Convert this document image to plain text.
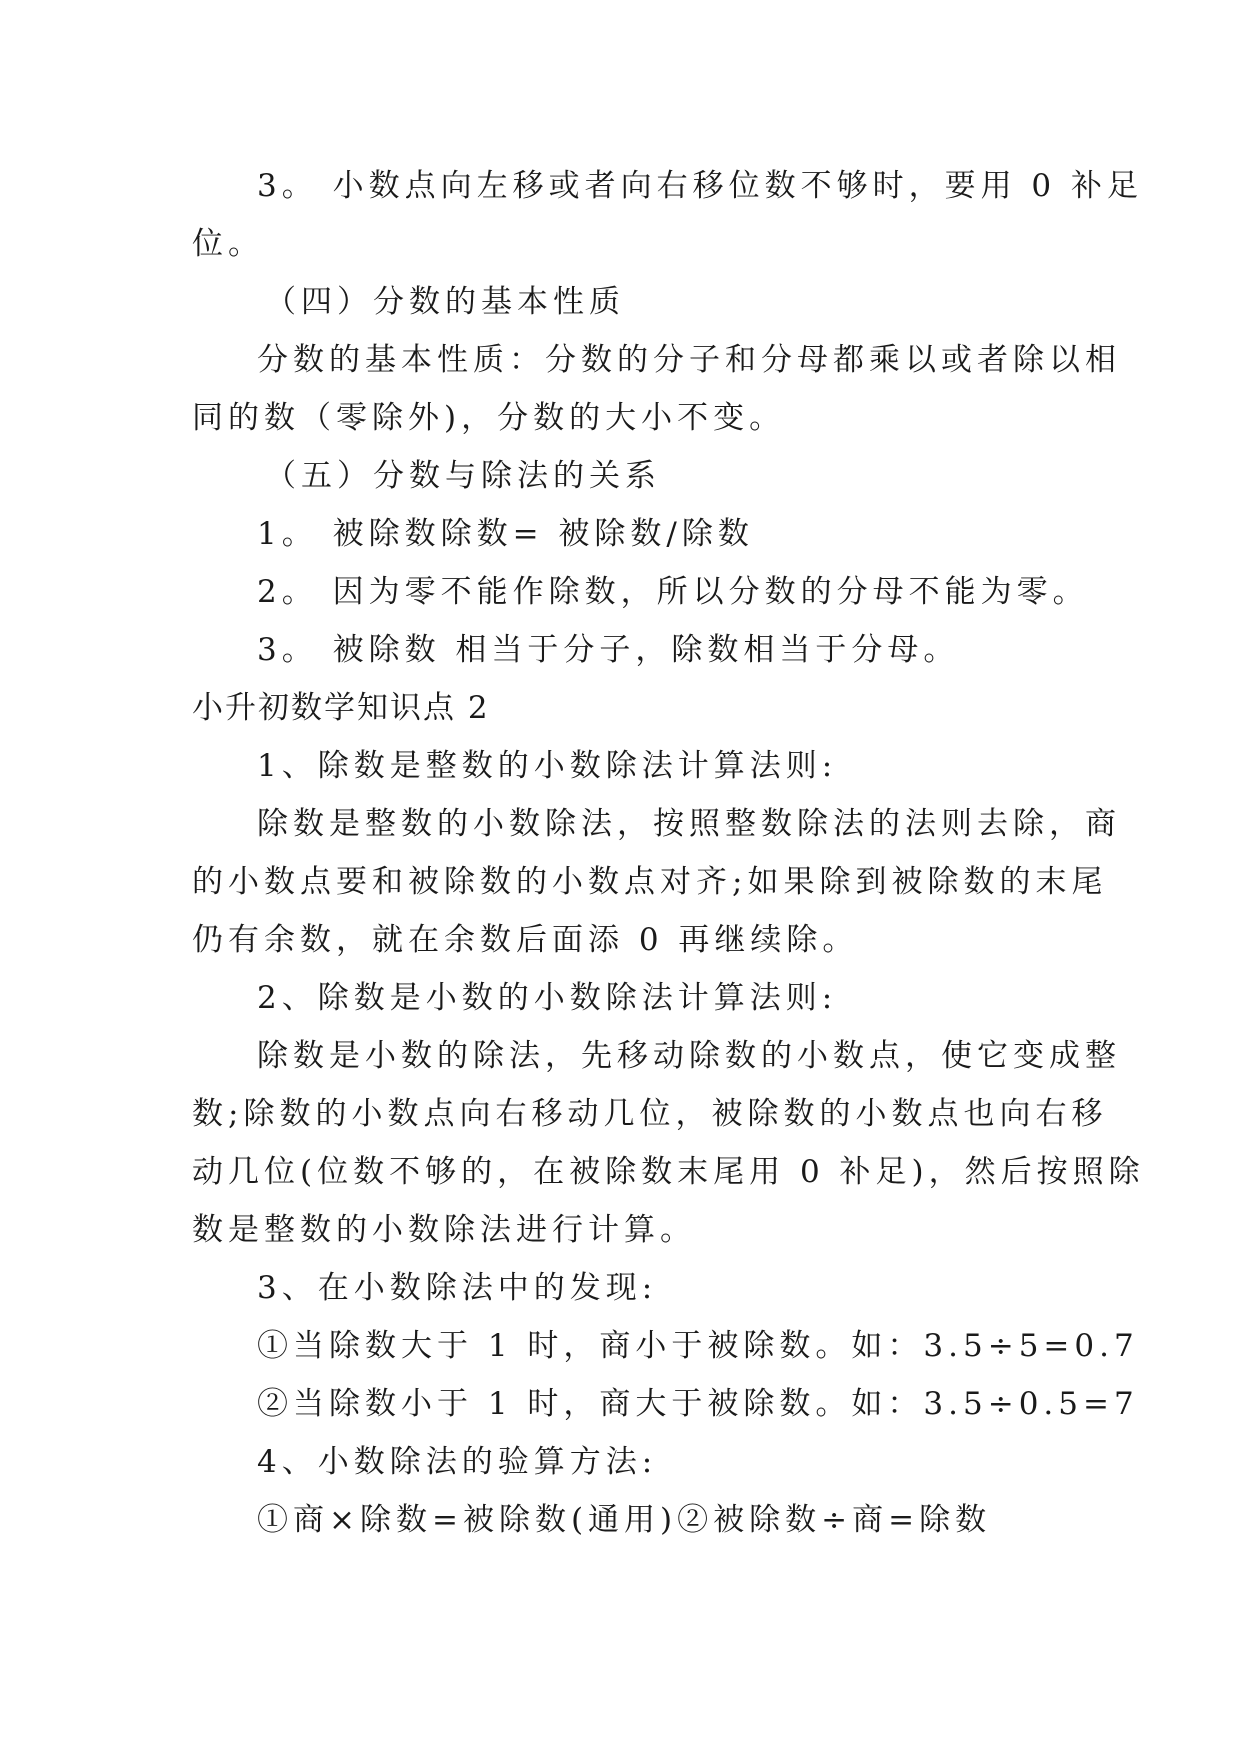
3。 小数点向左移或者向右移位数不够时，要用 0 补足
位。
（四）分数的基本性质
分数的基本性质：分数的分子和分母都乘以或者除以相
同的数（零除外)，分数的大小不变。
（五）分数与除法的关系
1。 被除数除数= 被除数/除数
2。 因为零不能作除数，所以分数的分母不能为零。
3。 被除数 相当于分子，除数相当于分母。
小升初数学知识点 2
1、除数是整数的小数除法计算法则:
除数是整数的小数除法，按照整数除法的法则去除，商
的小数点要和被除数的小数点对齐;如果除到被除数的末尾
仍有余数，就在余数后面添 0 再继续除。
2、除数是小数的小数除法计算法则:
除数是小数的除法，先移动除数的小数点，使它变成整
数;除数的小数点向右移动几位，被除数的小数点也向右移
动几位(位数不够的，在被除数末尾用 0 补足)，然后按照除
数是整数的小数除法进行计算。
3、在小数除法中的发现:
①当除数大于 1 时，商小于被除数。如：3.5÷5=0.7
②当除数小于 1 时，商大于被除数。如：3.5÷0.5=7
4、小数除法的验算方法:
①商×除数=被除数(通用)②被除数÷商=除数
